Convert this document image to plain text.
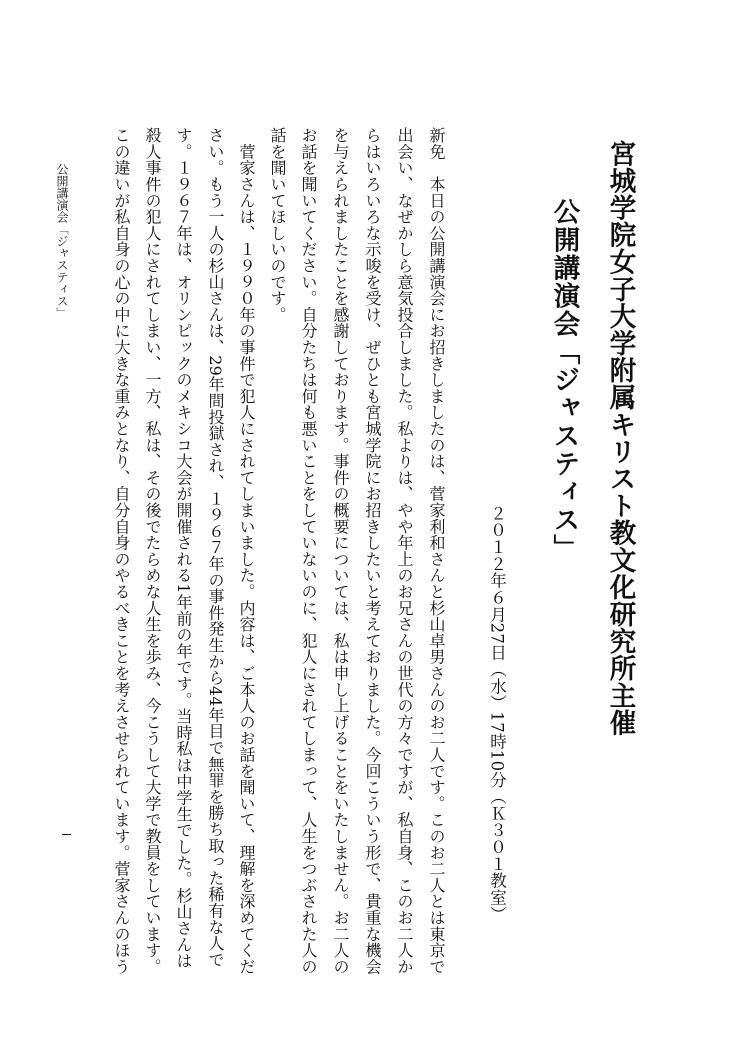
宮城学院女子大学附属キリスト教文化研究所主催
公開講演会「ジャスティス」
２０１２年６月27日（水）17時10分（Ｋ３０１教室）
新免　本日の公開講演会にお招きしましたのは、菅家利和さんと杉山卓男さんのお二人です。このお二人とは東京で
出会い、なぜかしら意気投合しました。私よりは、やや年上のお兄さんの世代の方々ですが、私自身、このお二人か
らはいろいろな示唆を受け、ぜひとも宮城学院にお招きしたいと考えておりました。今回こういう形で、貴重な機会
を与えられましたことを感謝しております。事件の概要については、私は申し上げることをいたしません。お二人の
お話を聞いてください。自分たちは何も悪いことをしていないのに、犯人にされてしまって、人生をつぶされた人の
話を聞いてほしいのです。
　菅家さんは、１９９０年の事件で犯人にされてしまいました。内容は、ご本人のお話を聞いて、理解を深めてくだ
さい。もう一人の杉山さんは、29年間投獄され、１９６７年の事件発生から44年目で無罪を勝ち取った稀有な人で
す。１９６７年は、オリンピックのメキシコ大会が開催される1年前の年です。当時私は中学生でした。杉山さんは
殺人事件の犯人にされてしまい、一方、私は、その後でたらめな人生を歩み、今こうして大学で教員をしています。
この違いが私自身の心の中に大きな重みとなり、自分自身のやるべきことを考えさせられています。菅家さんのほう
公開講演会「ジャスティス」
